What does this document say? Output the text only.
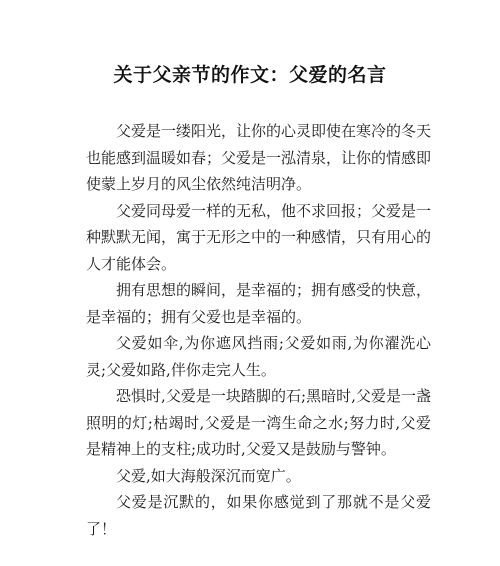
关于父亲节的作文：父爱的名言

父爱是一缕阳光，让你的心灵即使在寒冷的冬天也能感到温暖如春；父爱是一泓清泉，让你的情感即使蒙上岁月的风尘依然纯洁明净。

父爱同母爱一样的无私，他不求回报；父爱是一种默默无闻，寓于无形之中的一种感情，只有用心的人才能体会。

拥有思想的瞬间，是幸福的；拥有感受的快意，是幸福的；拥有父爱也是幸福的。

父爱如伞,为你遮风挡雨;父爱如雨,为你濯洗心灵;父爱如路,伴你走完人生。

恐惧时,父爱是一块踏脚的石;黑暗时,父爱是一盏照明的灯;枯竭时,父爱是一湾生命之水;努力时,父爱是精神上的支柱;成功时,父爱又是鼓励与警钟。

父爱,如大海般深沉而宽广。

父爱是沉默的，如果你感觉到了那就不是父爱了！
